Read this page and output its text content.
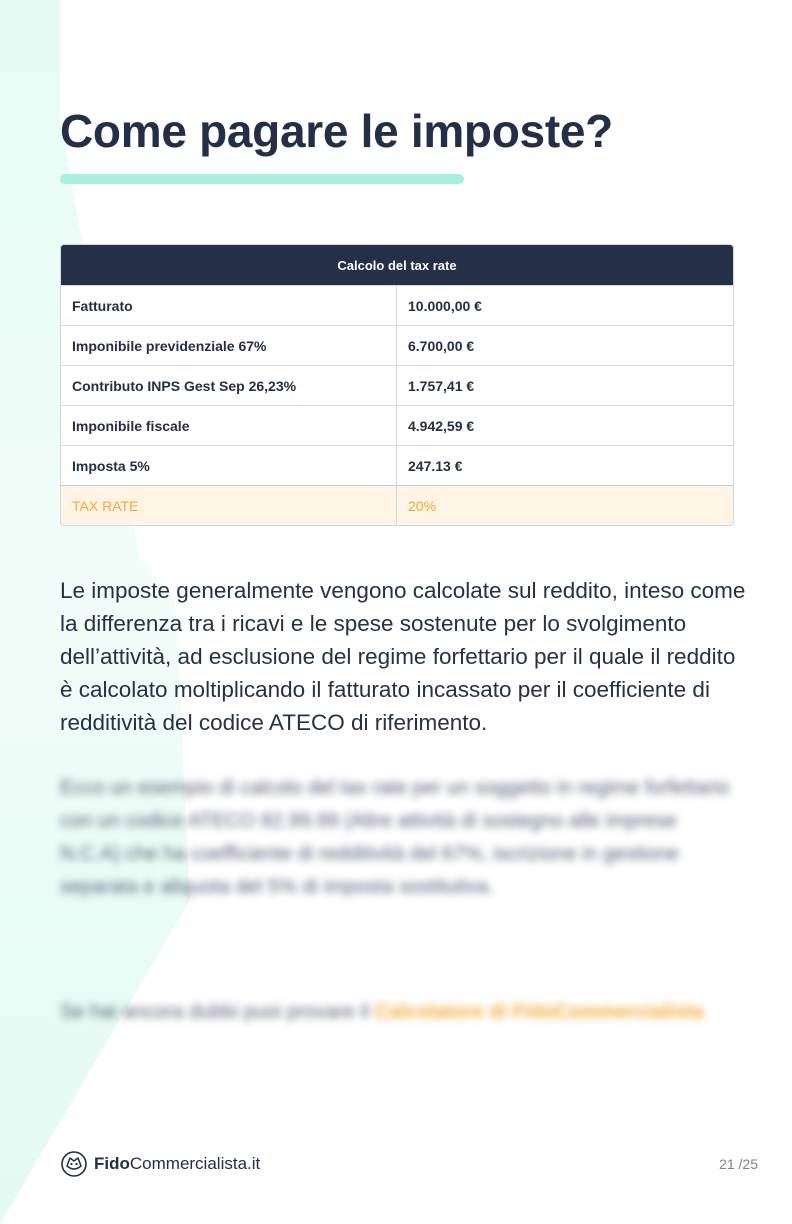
Come pagare le imposte?
Calcolo del tax rate
Fatturato	10.000,00 €
Imponibile previdenziale 67%	6.700,00 €
Contributo INPS Gest Sep 26,23%	1.757,41 €
Imponibile fiscale	4.942,59 €
Imposta 5%	247.13 €
TAX RATE	20%

Le imposte generalmente vengono calcolate sul reddito, inteso come la differenza tra i ricavi e le spese sostenute per lo svolgimento dell’attività, ad esclusione del regime forfettario per il quale il reddito è calcolato moltiplicando il fatturato incassato per il coefficiente di redditività del codice ATECO di riferimento.

Ecco un esempio di calcolo del tax rate per un soggetto in regime forfettario con un codice ATECO 82.99.99 (Altre attività di sostegno alle imprese N.C.A) che ha coefficiente di redditività del 67%, iscrizione in gestione separata e aliquota del 5% di imposta sostitutiva.

Se hai ancora dubbi puoi provare il Calcolatore di FidoCommercialista

FidoCommercialista.it	21 /25
